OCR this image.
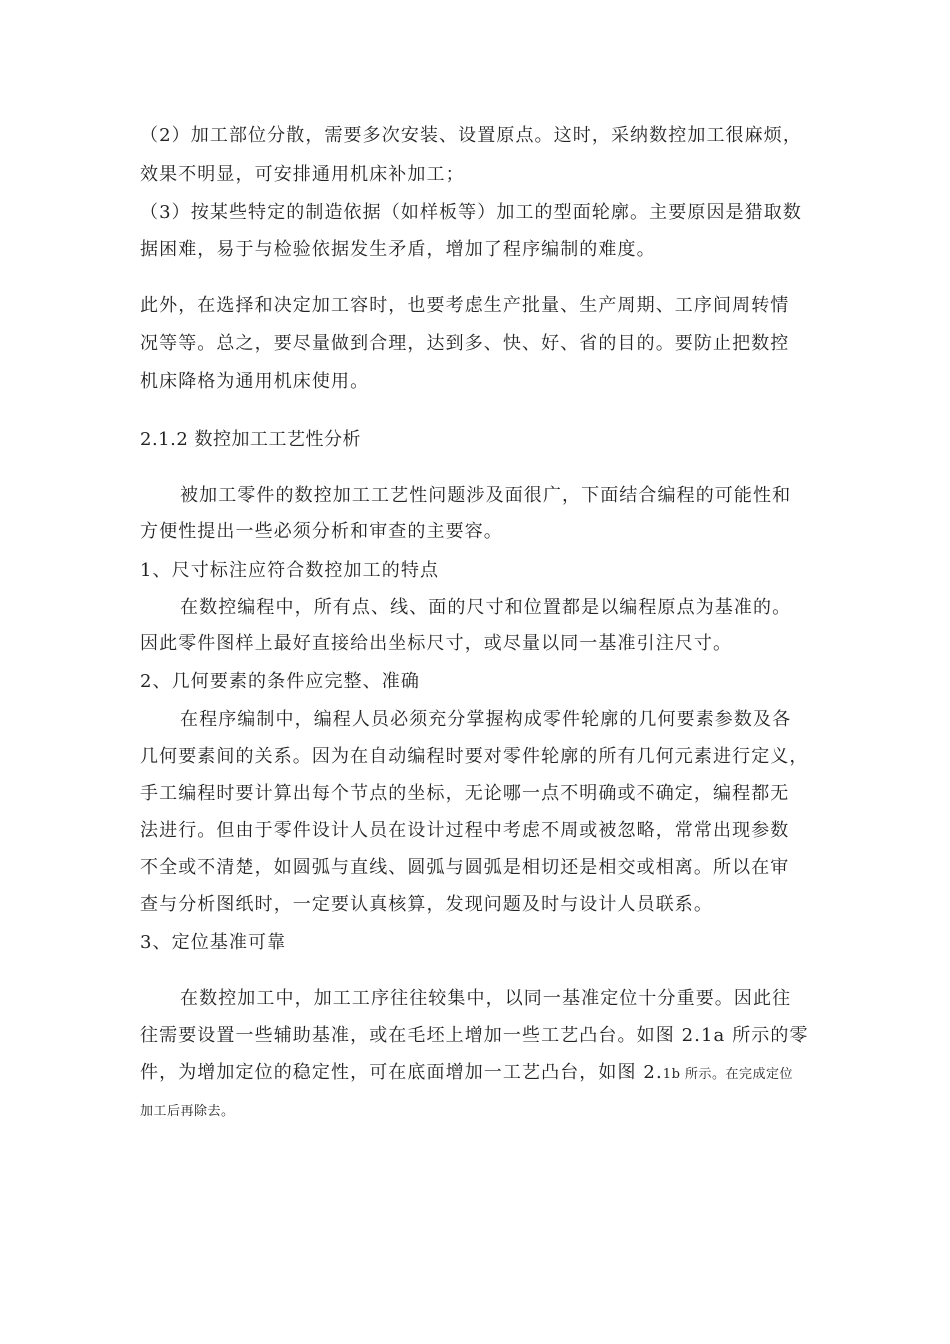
（2）加工部位分散，需要多次安装、设置原点。这时，采纳数控加工很麻烦，
效果不明显，可安排通用机床补加工；
（3）按某些特定的制造依据（如样板等）加工的型面轮廓。主要原因是猎取数
据困难，易于与检验依据发生矛盾，增加了程序编制的难度。
此外，在选择和决定加工容时，也要考虑生产批量、生产周期、工序间周转情
况等等。总之，要尽量做到合理，达到多、快、好、省的目的。要防止把数控
机床降格为通用机床使用。
2.1.2 数控加工工艺性分析
被加工零件的数控加工工艺性问题涉及面很广，下面结合编程的可能性和
方便性提出一些必须分析和审查的主要容。
1、尺寸标注应符合数控加工的特点
在数控编程中，所有点、线、面的尺寸和位置都是以编程原点为基准的。
因此零件图样上最好直接给出坐标尺寸，或尽量以同一基准引注尺寸。
2、几何要素的条件应完整、准确
在程序编制中，编程人员必须充分掌握构成零件轮廓的几何要素参数及各
几何要素间的关系。因为在自动编程时要对零件轮廓的所有几何元素进行定义，
手工编程时要计算出每个节点的坐标，无论哪一点不明确或不确定，编程都无
法进行。但由于零件设计人员在设计过程中考虑不周或被忽略，常常出现参数
不全或不清楚，如圆弧与直线、圆弧与圆弧是相切还是相交或相离。所以在审
查与分析图纸时，一定要认真核算，发现问题及时与设计人员联系。
3、定位基准可靠
在数控加工中，加工工序往往较集中，以同一基准定位十分重要。因此往
往需要设置一些辅助基准，或在毛坯上增加一些工艺凸台。如图 2.1a 所示的零
件，为增加定位的稳定性，可在底面增加一工艺凸台，如图 2.1b 所示。在完成定位
加工后再除去。
